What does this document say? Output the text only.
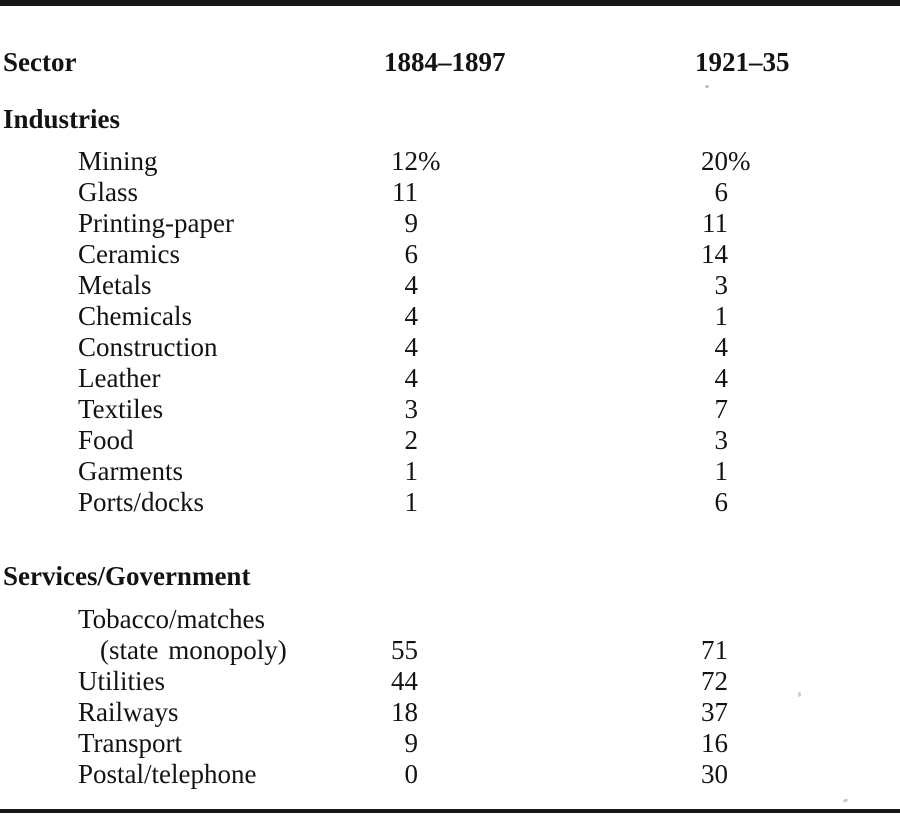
Sector	1884–1897	1921–35
Industries
Mining	12 %	20 %
Glass	11	6
Printing-paper	9	11
Ceramics	6	14
Metals	4	3
Chemicals	4	1
Construction	4	4
Leather	4	4
Textiles	3	7
Food	2	3
Garments	1	1
Ports/docks	1	6
Services/Government
Tobacco/matches
(state monopoly)	55	71
Utilities	44	72
Railways	18	37
Transport	9	16
Postal/telephone	0	30
